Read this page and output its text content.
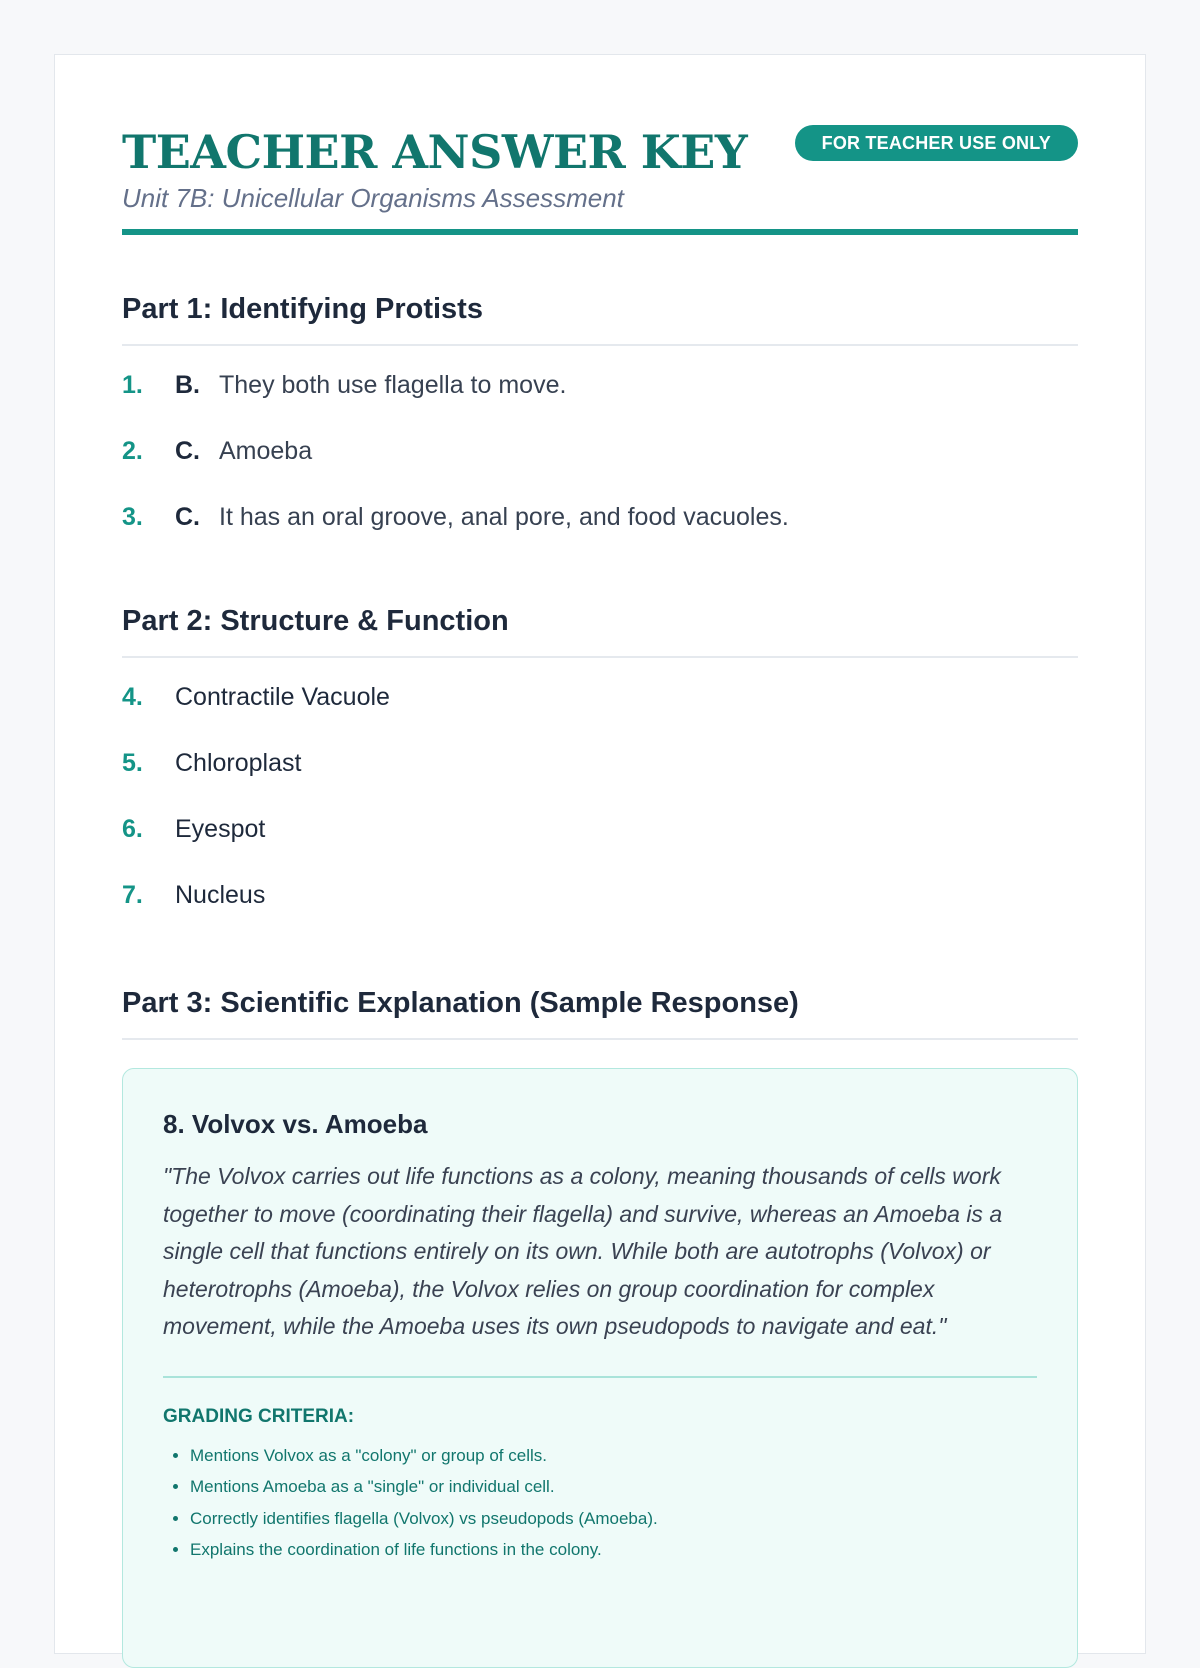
TEACHER ANSWER KEY
Unit 7B: Unicellular Organisms Assessment
FOR TEACHER USE ONLY
Part 1: Identifying Protists
1.	B. They both use flagella to move.
2.	C. Amoeba
3.	C. It has an oral groove, anal pore, and food vacuoles.
Part 2: Structure & Function
4.	Contractile Vacuole
5.	Chloroplast
6.	Eyespot
7.	Nucleus
Part 3: Scientific Explanation (Sample Response)
8. Volvox vs. Amoeba

"The Volvox carries out life functions as a colony, meaning thousands of cells work together to move (coordinating their flagella) and survive, whereas an Amoeba is a single cell that functions entirely on its own. While both are autotrophs (Volvox) or heterotrophs (Amoeba), the Volvox relies on group coordination for complex movement, while the Amoeba uses its own pseudopods to navigate and eat."

GRADING CRITERIA:
• Mentions Volvox as a "colony" or group of cells.
• Mentions Amoeba as a "single" or individual cell.
• Correctly identifies flagella (Volvox) vs pseudopods (Amoeba).
• Explains the coordination of life functions in the colony.
